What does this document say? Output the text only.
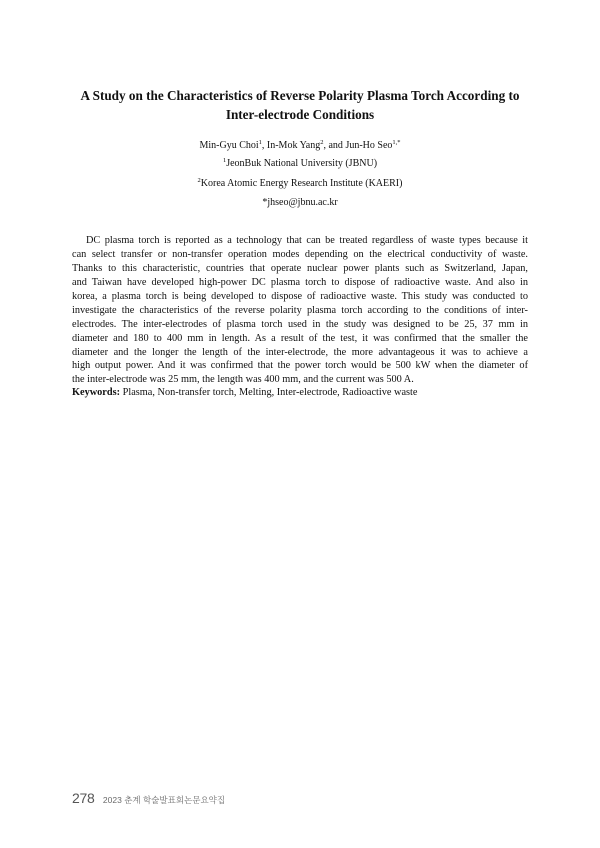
A Study on the Characteristics of Reverse Polarity Plasma Torch According to
Inter-electrode Conditions
Min-Gyu Choi$^1$, In-Mok Yang$^2$, and Jun-Ho Seo$^{1,*}$
$^1$JeonBuk National University (JBNU)
$^2$Korea Atomic Energy Research Institute (KAERI)
*jhseo@jbnu.ac.kr
DC plasma torch is reported as a technology that can be treated regardless of waste types because it
can select transfer or non-transfer operation modes depending on the electrical conductivity of waste.
Thanks to this characteristic, countries that operate nuclear power plants such as Switzerland, Japan,
and Taiwan have developed high-power DC plasma torch to dispose of radioactive waste. And also in
korea, a plasma torch is being developed to dispose of radioactive waste. This study was conducted to
investigate the characteristics of the reverse polarity plasma torch according to the conditions of inter-
electrodes. The inter-electrodes of plasma torch used in the study was designed to be 25, 37 mm in
diameter and 180 to 400 mm in length. As a result of the test, it was confirmed that the smaller the
diameter and the longer the length of the inter-electrode, the more advantageous it was to achieve a
high output power. And it was confirmed that the power torch would be 500 kW when the diameter of
the inter-electrode was 25 mm, the length was 400 mm, and the current was 500 A.
Keywords: Plasma, Non-transfer torch, Melting, Inter-electrode, Radioactive waste
278 2023 춘계 학술발표회논문요약집
